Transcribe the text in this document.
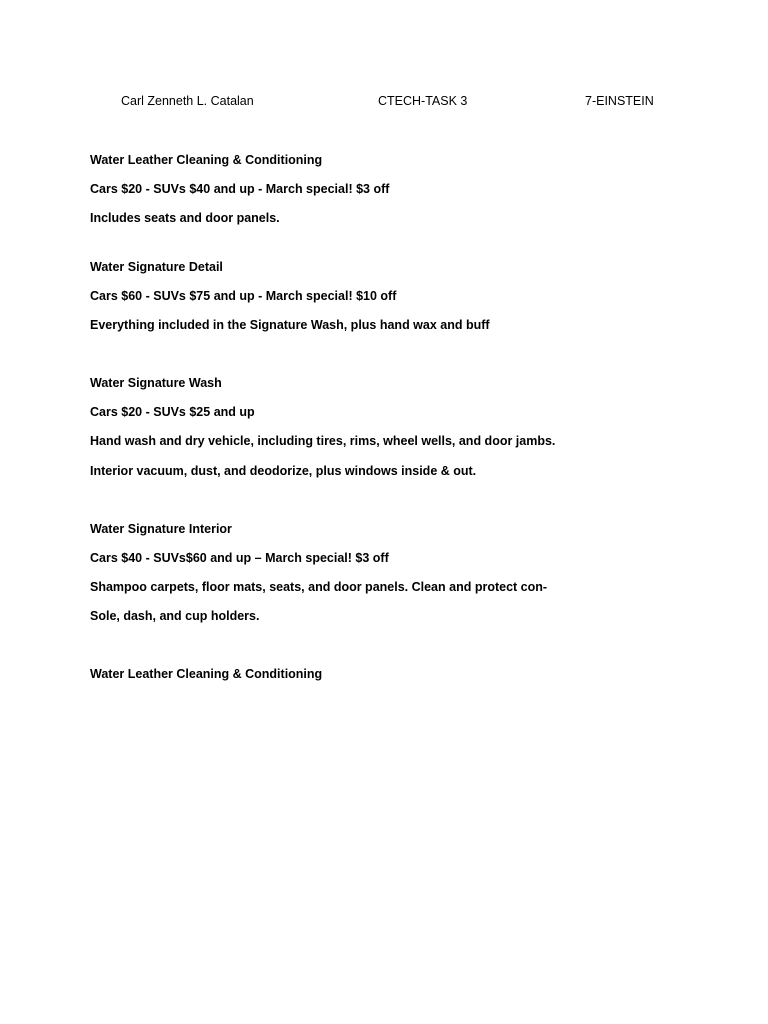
Carl Zenneth L. Catalan	CTECH-TASK 3	7-EINSTEIN
Water Leather Cleaning & Conditioning
Cars $20 - SUVs $40 and up - March special! $3 off
Includes seats and door panels.
Water Signature Detail
Cars $60 - SUVs $75 and up - March special! $10 off
Everything included in the Signature Wash, plus hand wax and buff
Water Signature Wash
Cars $20 - SUVs $25 and up
Hand wash and dry vehicle, including tires, rims, wheel wells, and door jambs.
Interior vacuum, dust, and deodorize, plus windows inside & out.
Water Signature Interior
Cars $40 - SUVs$60 and up – March special! $3 off
Shampoo carpets, floor mats, seats, and door panels. Clean and protect con-
Sole, dash, and cup holders.
Water Leather Cleaning & Conditioning
